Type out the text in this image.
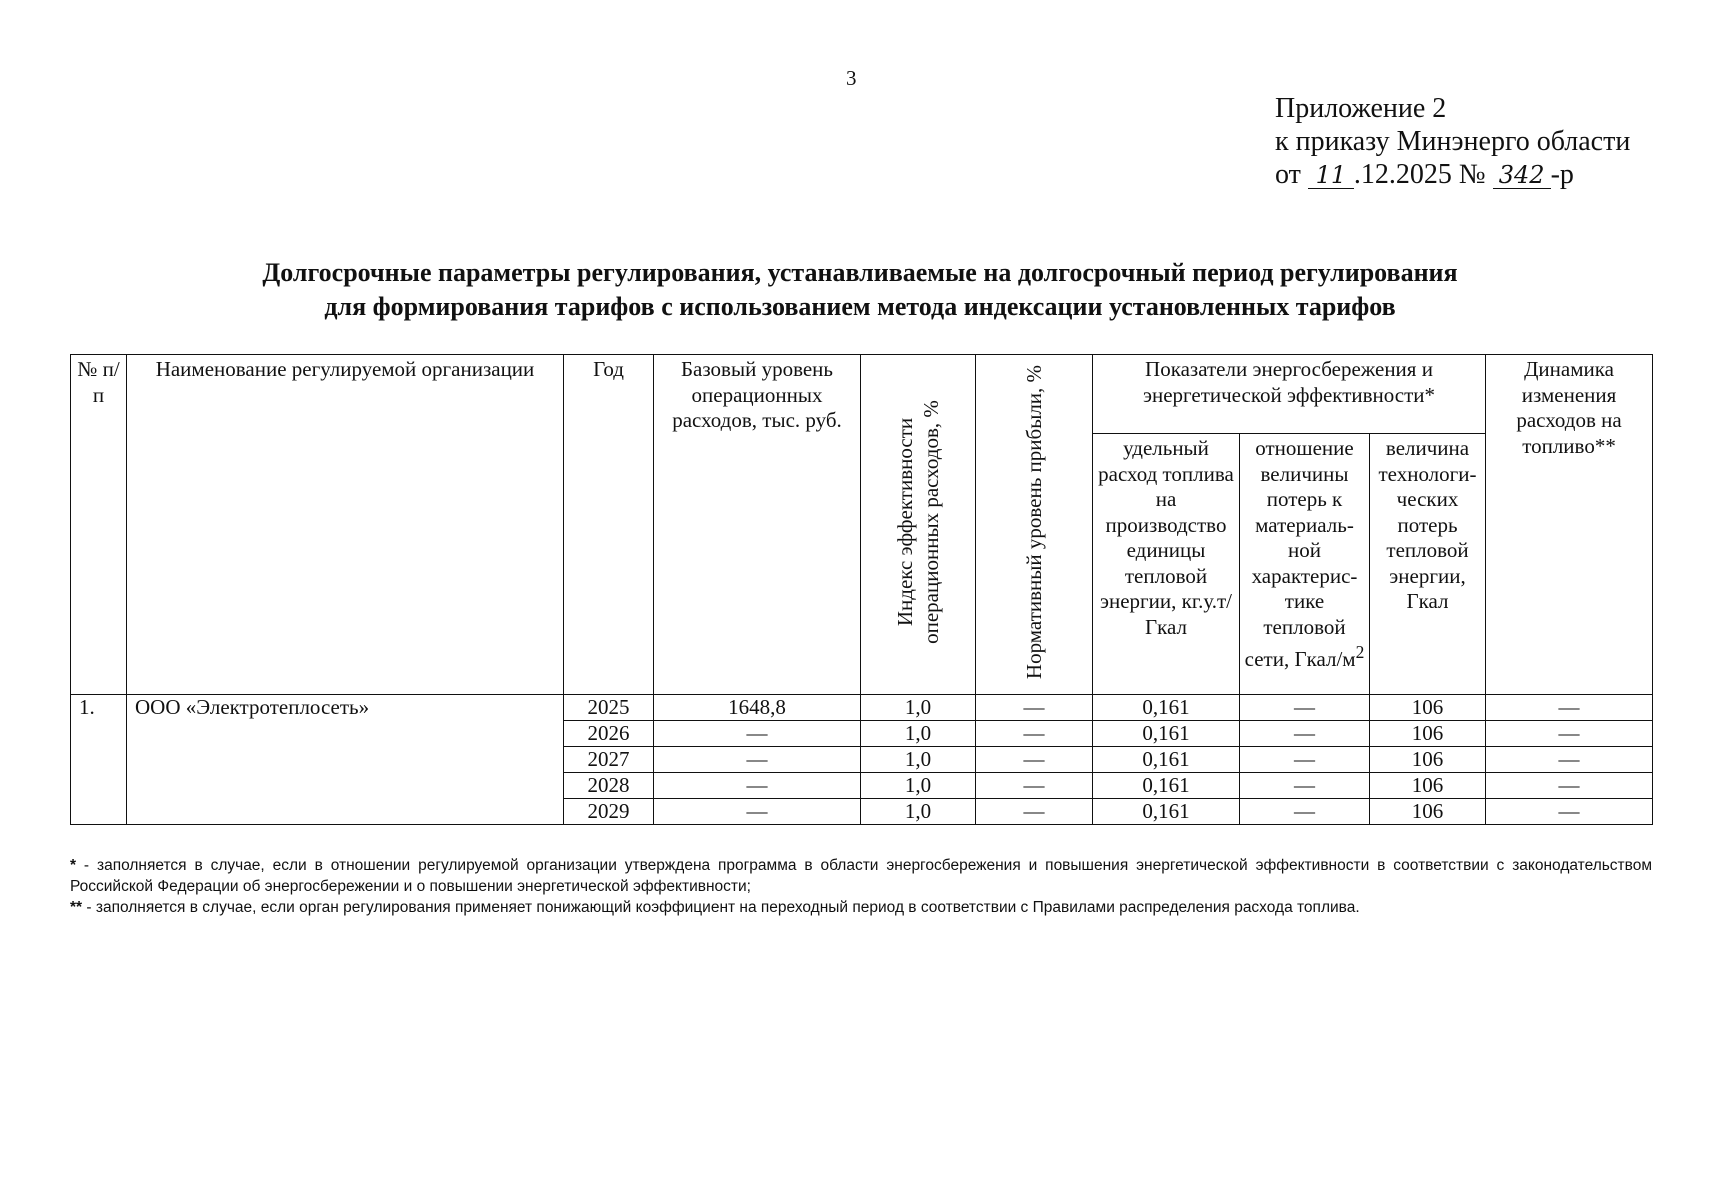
3
Приложение 2
к приказу Минэнерго области
от 11 .12.2025 № 342 -р
Долгосрочные параметры регулирования, устанавливаемые на долгосрочный период регулирования
для формирования тарифов с использованием метода индексации установленных тарифов
№ п/п	Наименование регулируемой организации	Год	Базовый уровень операционных расходов, тыс. руб.	Индекс эффективности операционных расходов, %	Нормативный уровень прибыли, %	Показатели энергосбережения и энергетической эффективности*			Динамика изменения расходов на топливо**
						удельный расход топлива на производство единицы тепловой энергии, кг.у.т/Гкал	отношение величины потерь к материаль- ной характерис- тике тепловой сети, Гкал/$м^2$	величина технологи- ческих потерь тепловой энергии, Гкал	
1.	ООО «Электротеплосеть»	2025	1648,8	1,0	—	0,161	—	106	—
		2026	—	1,0	—	0,161	—	106	—
		2027	—	1,0	—	0,161	—	106	—
		2028	—	1,0	—	0,161	—	106	—
		2029	—	1,0	—	0,161	—	106	—

* - заполняется в случае, если в отношении регулируемой организации утверждена программа в области энергосбережения и повышения энергетической эффективности в соответствии с законодательством Российской Федерации об энергосбережении и о повышении энергетической эффективности;

** - заполняется в случае, если орган регулирования применяет понижающий коэффициент на переходный период в соответствии с Правилами распределения расхода топлива.
